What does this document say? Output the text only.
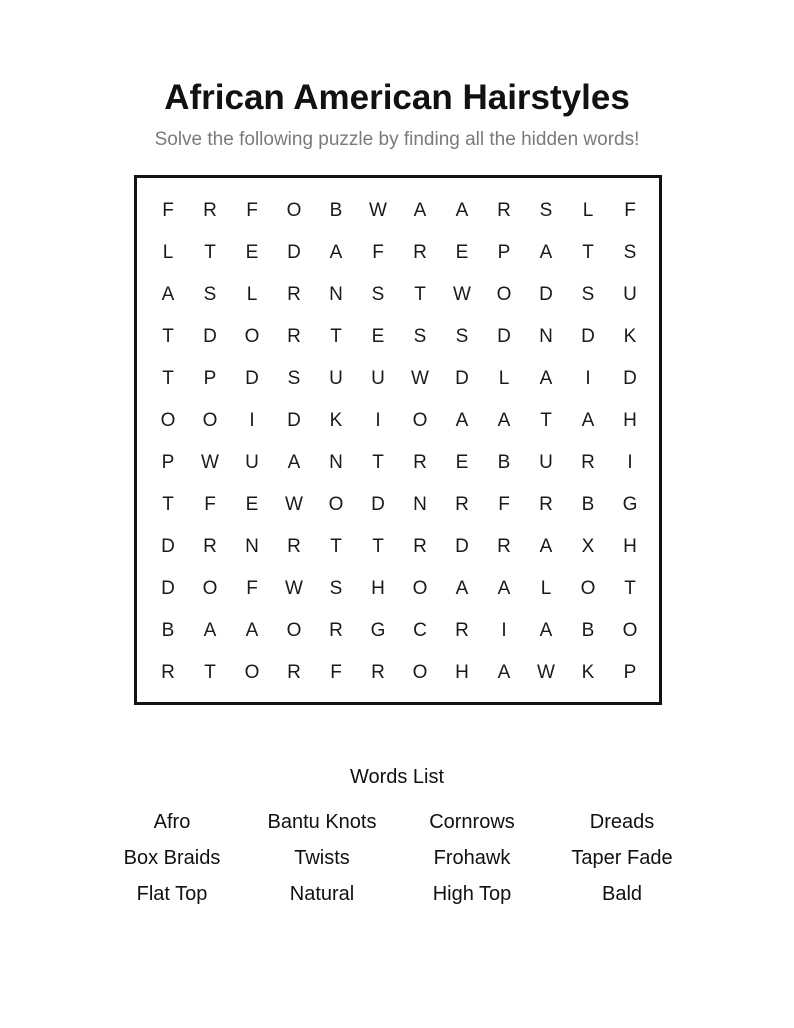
African American Hairstyles
Solve the following puzzle by finding all the hidden words!
F	R	F	O	B	W	A	A	R	S	L	F
L	T	E	D	A	F	R	E	P	A	T	S
A	S	L	R	N	S	T	W	O	D	S	U
T	D	O	R	T	E	S	S	D	N	D	K
T	P	D	S	U	U	W	D	L	A	I	D
O	O	I	D	K	I	O	A	A	T	A	H
P	W	U	A	N	T	R	E	B	U	R	I
T	F	E	W	O	D	N	R	F	R	B	G
D	R	N	R	T	T	R	D	R	A	X	H
D	O	F	W	S	H	O	A	A	L	O	T
B	A	A	O	R	G	C	R	I	A	B	O
R	T	O	R	F	R	O	H	A	W	K	P
Words List
Afro	Bantu Knots	Cornrows	Dreads
Box Braids	Twists	Frohawk	Taper Fade
Flat Top	Natural	High Top	Bald
